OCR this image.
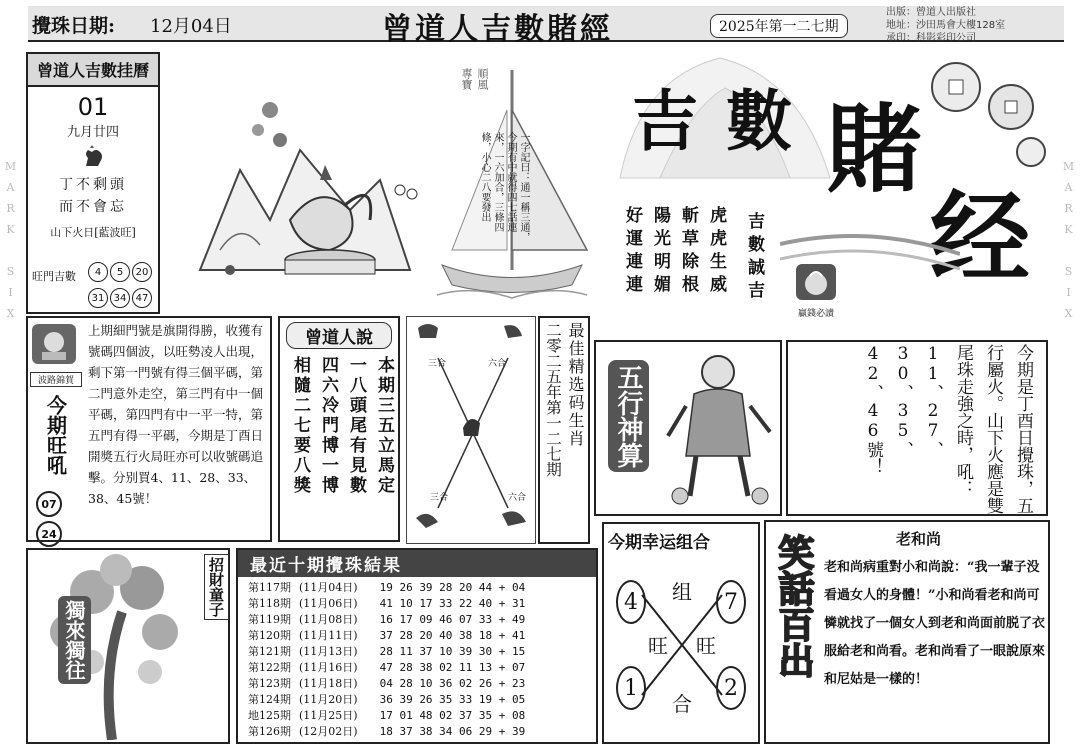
攪珠日期: 12月04日	曾道人吉數賭經	2025年第一二七期
出版：曾道人出版社
地址：沙田馬會大樓128室
承印：科影彩印公司
MARK SIX	MARK SIX
曾道人吉數挂曆
01
九月廿四
丁不剩頭
而不會忘
山下火日[藍波旺]
旺門吉數	4	5	20
31 34 47
順風
專寶
一字記曰：通一稱三通，今期有中就得四七話連來，一六加合，三條四條，小心二八要發出
吉 數 賭
经
虎虎生威
斬草除根
陽光明媚
好運連連	吉數誠吉
贏錢必讀
波路錦賀
今期旺吼
07
24
上期細門號是旗開得勝，收獲有號碼四個波，以旺勢凌人出現，剩下第一門號有得三個平碼，第二門意外走空，第三門有中一個平碼，第四門有中一平一特，第五門有得一平碼，今期是丁酉日開獎五行火局旺亦可以收號碼追擊。分别買4、11、28、33、38、45號！
曾道人說
本期三五立馬定
一八頭尾有見數
四六冷門博一博
相隨二七要八獎	三合	六合
三合	六合
最佳精选码生肖
二零二五年第一二七期 五行神算	今期是丁酉日攪珠，五行屬火。山下火應是雙尾珠走強之時，吼：11、27、30、35、42、46號！
獨來獨往
招財童子	最近十期攪珠結果
第117期	(11月04日)	19 26 39 28 20 44 + 04
第118期	(11月06日)	41 10 17 33 22 40 + 31
第119期	(11月08日)	16 17 09 46 07 33 + 49
第120期	(11月11日)	37 28 20 40 38 18 + 41
第121期	(11月13日)	28 11 37 10 39 30 + 15
第122期	(11月16日)	47 28 38 02 11 13 + 07
第123期	(11月18日)	04 28 10 36 02 26 + 23
第124期	(11月20日)	36 39 26 35 33 19 + 05
地125期	(11月25日)	17 01 48 02 37 35 + 08
第126期	(12月02日)	18 37 38 34 06 29 + 39
今期幸运组合
4	7
1	2
组
旺 旺
合
笑話百出	老和尚
老和尚病重對小和尚說：“我一輩子没看過女人的身體！”小和尚看老和尚可憐就找了一個女人到老和尚面前脱了衣服給老和尚看。老和尚看了一眼說原來和尼姑是一樣的！
